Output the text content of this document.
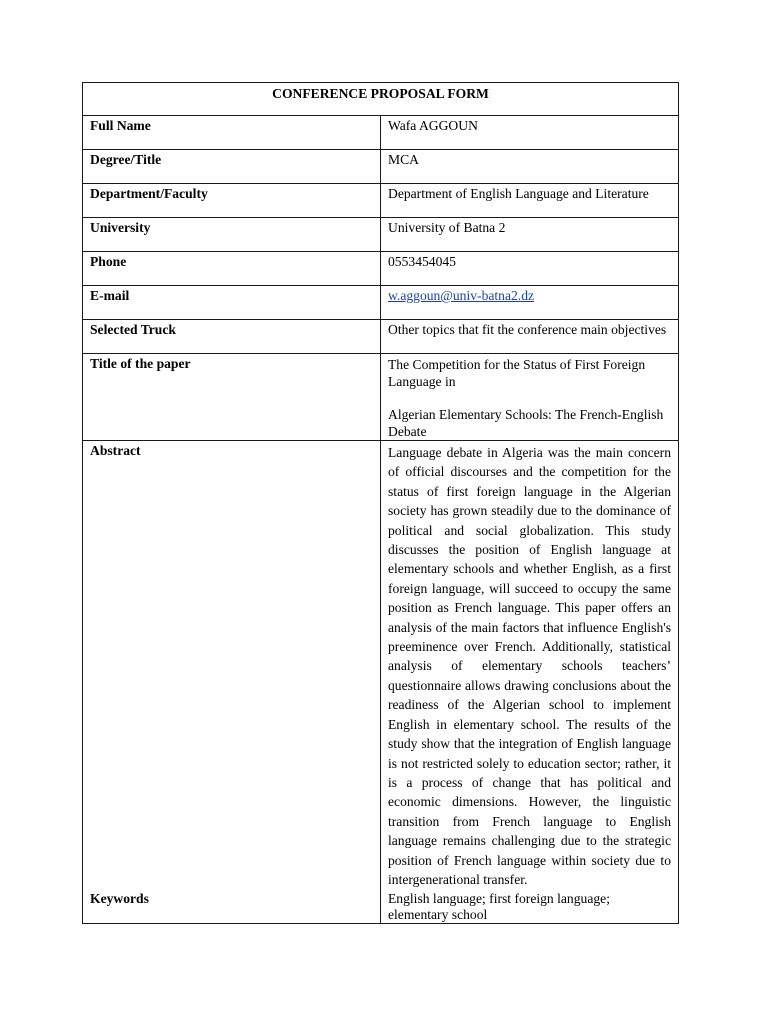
CONFERENCE PROPOSAL FORM	
Full Name	Wafa AGGOUN
Degree/Title	MCA
Department/Faculty	Department of English Language and Literature
University	University of Batna 2
Phone	0553454045
E-mail	w.aggoun@univ-batna2.dz
Selected Truck	Other topics that fit the conference main objectives
Title of the paper	The Competition for the Status of First Foreign Language in
Algerian Elementary Schools: The French-English Debate

Abstract	Language debate in Algeria was the main concern of official discourses and the competition for the status of first foreign language in the Algerian society has grown steadily due to the dominance of political and social globalization. This study discusses the position of English language at elementary schools and whether English, as a first foreign language, will succeed to occupy the same position as French language. This paper offers an analysis of the main factors that influence English's preeminence over French. Additionally, statistical analysis of elementary schools teachers’ questionnaire allows drawing conclusions about the readiness of the Algerian school to implement English in elementary school. The results of the study show that the integration of English language is not restricted solely to education sector; rather, it is a process of change that has political and economic dimensions. However, the linguistic transition from French language to English language remains challenging due to the strategic position of French language within society due to intergenerational transfer.
Keywords	English language; first foreign language; elementary school
